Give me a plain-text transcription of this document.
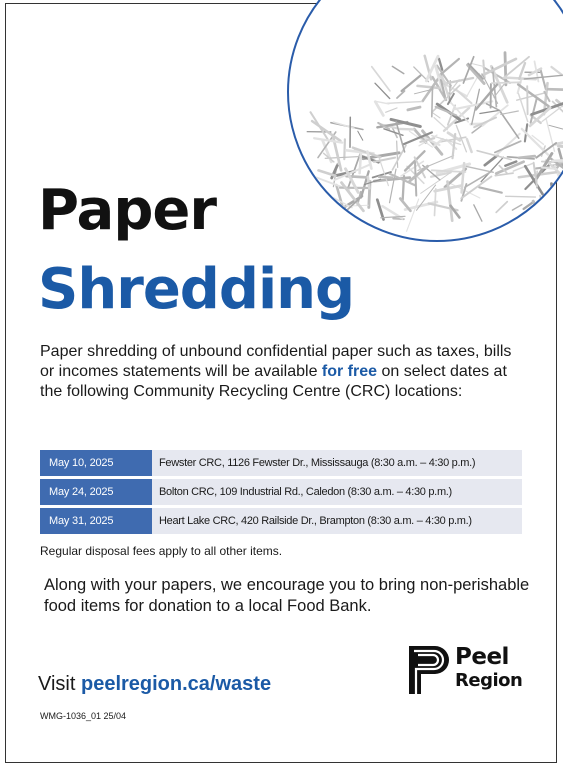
Paper
Shredding

Paper shredding of unbound confidential paper such as taxes, bills or incomes statements will be available for free on select dates at the following Community Recycling Centre (CRC) locations:

May 10, 2025	Fewster CRC, 1126 Fewster Dr., Mississauga (8:30 a.m. – 4:30 p.m.)
May 24, 2025	Bolton CRC, 109 Industrial Rd., Caledon (8:30 a.m. – 4:30 p.m.)
May 31, 2025	Heart Lake CRC, 420 Railside Dr., Brampton (8:30 a.m. – 4:30 p.m.)

Regular disposal fees apply to all other items.

Along with your papers, we encourage you to bring non-perishable food items for donation to a local Food Bank.

Visit peelregion.ca/waste

WMG-1036_01 25/04

Peel
Region
